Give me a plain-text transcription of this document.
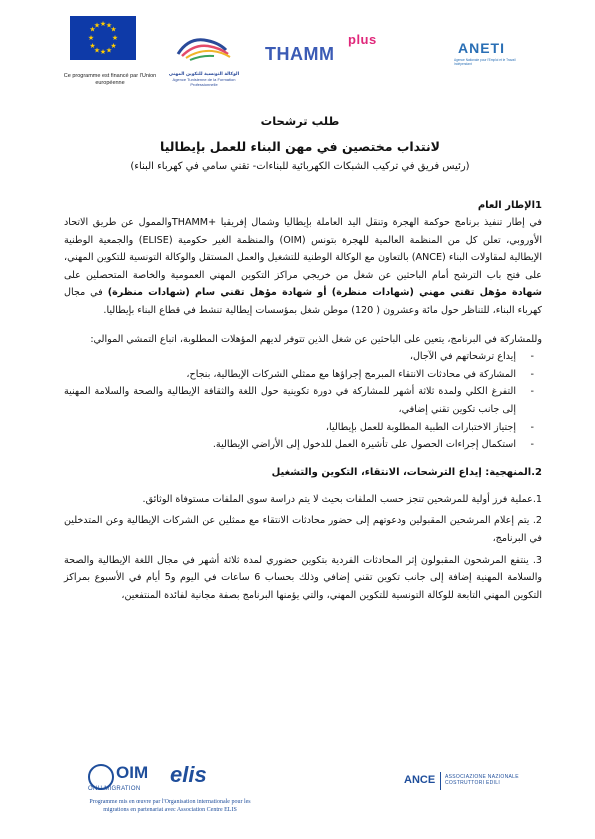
★ ★
★
★
★
★
★
★
★
★
★
★
Ce programme est financé par l'Union européenne
الوكالة التونسية للتكوين المهني
Agence Tunisienne de la Formation Professionnelle
THAMM
plus
ANETI
Agence Nationale pour l'Emploi et le Travail Indépendant
طلب ترشحات
لانتداب مختصين في مهن البناء للعمل بإيطاليا
(رئيس فريق في تركيب الشبكات الكهربائية للبناءات- تقني سامي في كهرباء البناء)
1الإطار العام

في إطار تنفيذ برنامج حوكمة الهجرة وتنقل اليد العاملة بإيطاليا وشمال إفريقيا +THAMMوالممول عن طريق الاتحاد الأوروبي، تعلن كل من المنظمة العالمية للهجرة بتونس (OIM) والمنظمة الغير حكومية (ELISE) والجمعية الوطنية الإيطالية لمقاولات البناء (ANCE) بالتعاون مع الوكالة الوطنية للتشغيل والعمل المستقل والوكالة التونسية للتكوين المهني، على فتح باب الترشح أمام الباحثين عن شغل من خريجي مراكز التكوين المهني العمومية والخاصة المتحصلين على شهادة مؤهل تقني مهني (شهادات منظرة) أو شهادة مؤهل تقني سام (شهادات منظرة) في مجال كهرباء البناء، للتناظر حول مائة وعشرون ( 120) موطن شغل بمؤسسات إيطالية تنشط في قطاع البناء بإيطاليا.

وللمشاركة في البرنامج، يتعين على الباحثين عن شغل الذين تتوفر لديهم المؤهلات المطلوبة، اتباع التمشي الموالي:

- إيداع ترشحاتهم في الآجال،
- المشاركة في محادثات الانتقاء المبرمج إجراؤها مع ممثلي الشركات الإيطالية، بنجاح،
- التفرغ الكلي ولمدة ثلاثة أشهر للمشاركة في دورة تكوينية حول اللغة والثقافة الإيطالية والصحة والسلامة المهنية إلى جانب تكوين تقني إضافي،
- إجتياز الاختبارات الطبية المطلوبة للعمل بإيطاليا،
- استكمال إجراءات الحصول على تأشيرة العمل للدخول إلى الأراضي الإيطالية.
2.المنهجية: إيداع الترشحات، الانتقاء، التكوين والتشغيل

1.عملية فرز أولية للمرشحين تنجز حسب الملفات بحيث لا يتم دراسة سوى الملفات مستوفاة الوثائق.

2. يتم إعلام المرشحين المقبولين ودعوتهم إلى حضور محادثات الانتقاء مع ممثلين عن الشركات الإيطالية وعن المتدخلين في البرنامج،

3. ينتفع المرشحون المقبولون إثر المحادثات الفردية بتكوين حضوري لمدة ثلاثة أشهر في مجال اللغة الإيطالية والصحة والسلامة المهنية إضافة إلى جانب تكوين تقني إضافي وذلك بحساب 6 ساعات في اليوم و5 أيام في الأسبوع بمراكز التكوين المهني التابعة للوكالة التونسية للتكوين المهني، والتي يؤمنها البرنامج بصفة مجانية لفائدة المنتفعين،

OIM
ONU MIGRATION
elis
Programme mis en œuvre par l'Organisation internationale pour les migrations en partenariat avec Association Centre ELIS
ANCE ASSOCIAZIONE NAZIONALE COSTRUTTORI EDILI
